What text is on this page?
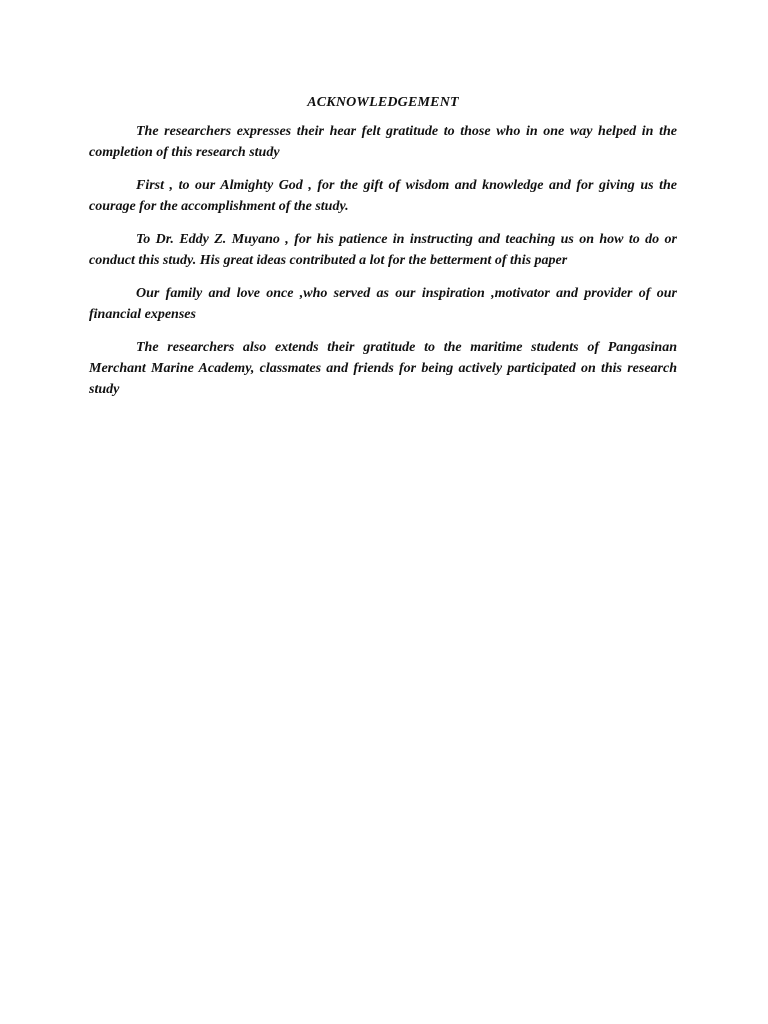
ACKNOWLEDGEMENT

The researchers expresses their hear felt gratitude to those who in one way helped in the completion of this research study

First , to our Almighty God , for the gift of wisdom and knowledge and for giving us the courage for the accomplishment of the study.

To Dr. Eddy Z. Muyano , for his patience in instructing and teaching us on how to do or conduct this study. His great ideas contributed a lot for the betterment of this paper

Our family and love once ,who served as our inspiration ,motivator and provider of our financial expenses

The researchers also extends their gratitude to the maritime students of Pangasinan Merchant Marine Academy, classmates and friends for being actively participated on this research study
